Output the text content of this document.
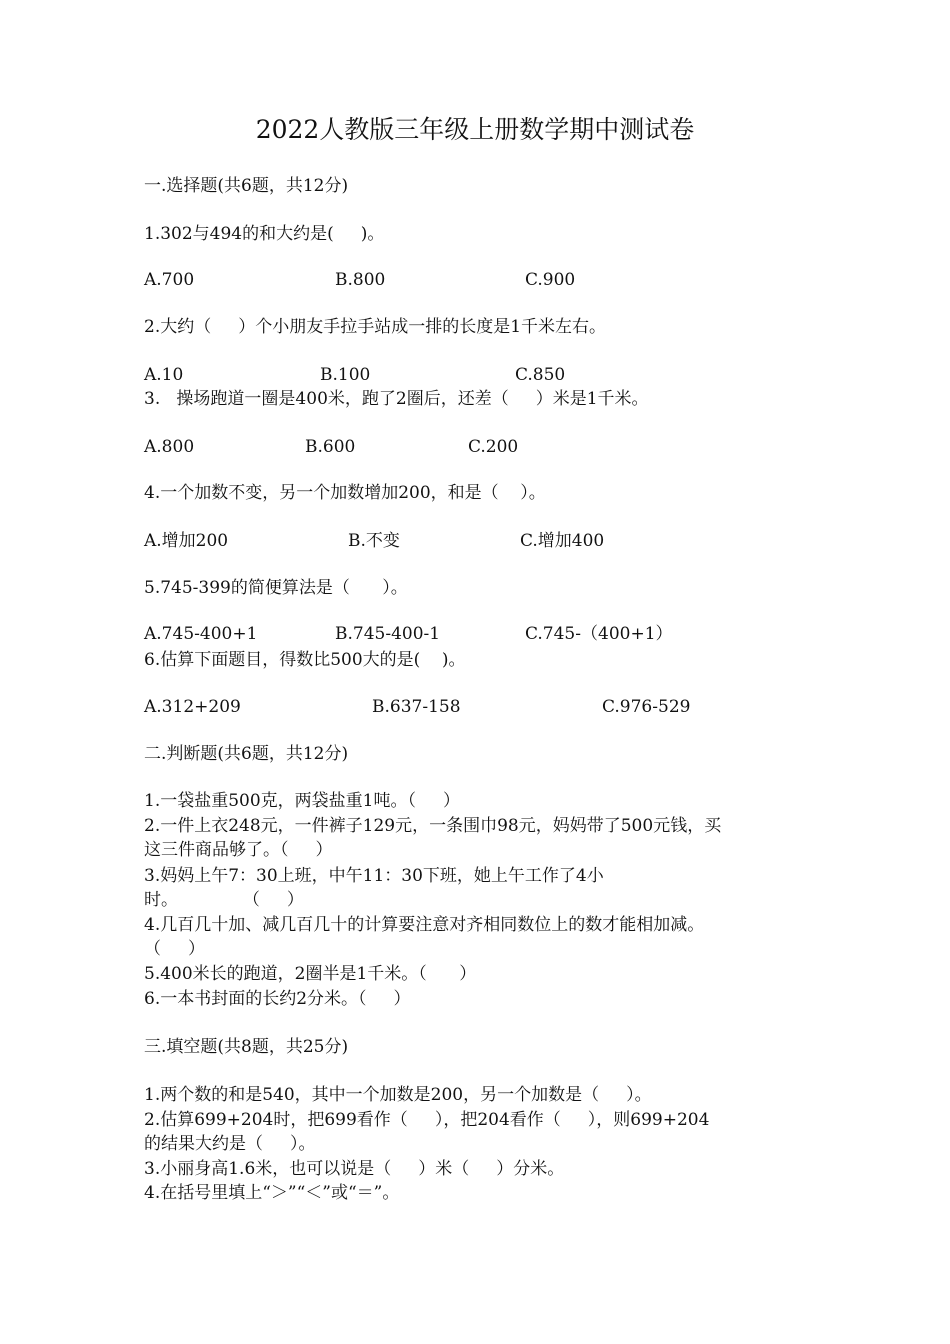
2022人教版三年级上册数学期中测试卷
一.选择题(共6题，共12分)
1.302与494的和大约是(     )。
A.700	B.800	C.900
2.大约（     ）个小朋友手拉手站成一排的长度是1千米左右。
A.10	B.100	C.850
3.   操场跑道一圈是400米，跑了2圈后，还差（     ）米是1千米。
A.800	B.600	C.200
4.一个加数不变，另一个加数增加200，和是（    ）。
A.增加200	B.不变	C.增加400
5.745-399的简便算法是（      ）。
A.745-400+1	B.745-400-1	C.745-（400+1）
6.估算下面题目，得数比500大的是(    )。
A.312+209	B.637-158	C.976-529
二.判断题(共6题，共12分)
1.一袋盐重500克，两袋盐重1吨。（     ）
2.一件上衣248元，一件裤子129元，一条围巾98元，妈妈带了500元钱，买
这三件商品够了。（     ）
3.妈妈上午7：30上班，中午11：30下班，她上午工作了4小
时。            （     ）
4.几百几十加、减几百几十的计算要注意对齐相同数位上的数才能相加减。
（     ）
5.400米长的跑道，2圈半是1千米。（      ）
6.一本书封面的长约2分米。（     ）
三.填空题(共8题，共25分)
1.两个数的和是540，其中一个加数是200，另一个加数是（     ）。
2.估算699+204时，把699看作（     ），把204看作（     ），则699+204
的结果大约是（     ）。
3.小丽身高1.6米，也可以说是（     ）米（     ）分米。
4.在括号里填上“＞”“＜”或“＝”。
